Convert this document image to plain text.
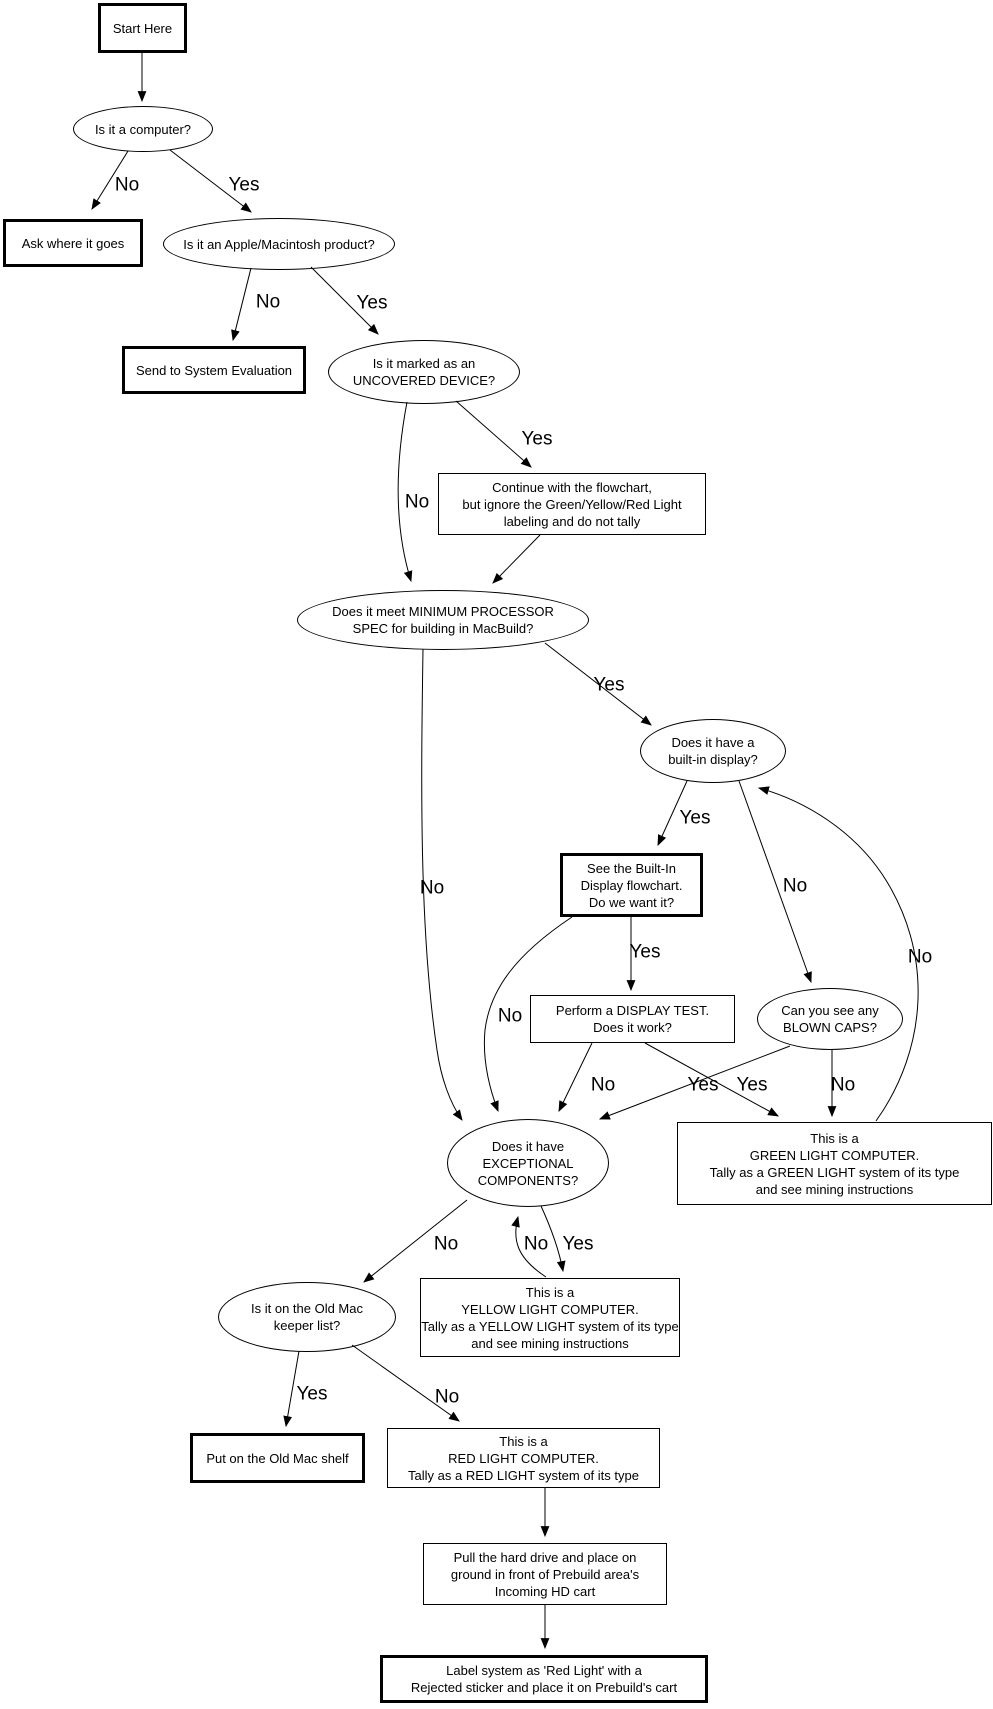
Start Here
Is it a computer?
Ask where it goes	Is it an Apple/Macintosh product?
Send to System Evaluation	Is it marked as an
UNCOVERED DEVICE?
Continue with the flowchart,
but ignore the Green/Yellow/Red Light
labeling and do not tally
Does it meet MINIMUM PROCESSOR
SPEC for building in MacBuild?
Does it have a
built-in display?
See the Built-In
Display flowchart.
Do we want it?
Perform a DISPLAY TEST.
Does it work?
Can you see any
BLOWN CAPS?
Does it have
EXCEPTIONAL
COMPONENTS?
This is a
GREEN LIGHT COMPUTER.
Tally as a GREEN LIGHT system of its type
and see mining instructions
Is it on the Old Mac
keeper list?
This is a
YELLOW LIGHT COMPUTER.
Tally as a YELLOW LIGHT system of its type
and see mining instructions
Put on the Old Mac shelf
This is a
RED LIGHT COMPUTER.
Tally as a RED LIGHT system of its type
Pull the hard drive and place on
ground in front of Prebuild area's
Incoming HD cart
Label system as 'Red Light' with a
Rejected sticker and place it on Prebuild's cart
No	Yes
No	Yes
Yes
No
Yes
No
Yes
No
Yes
No
No	Yes Yes	No
No
No	No Yes
Yes	No
